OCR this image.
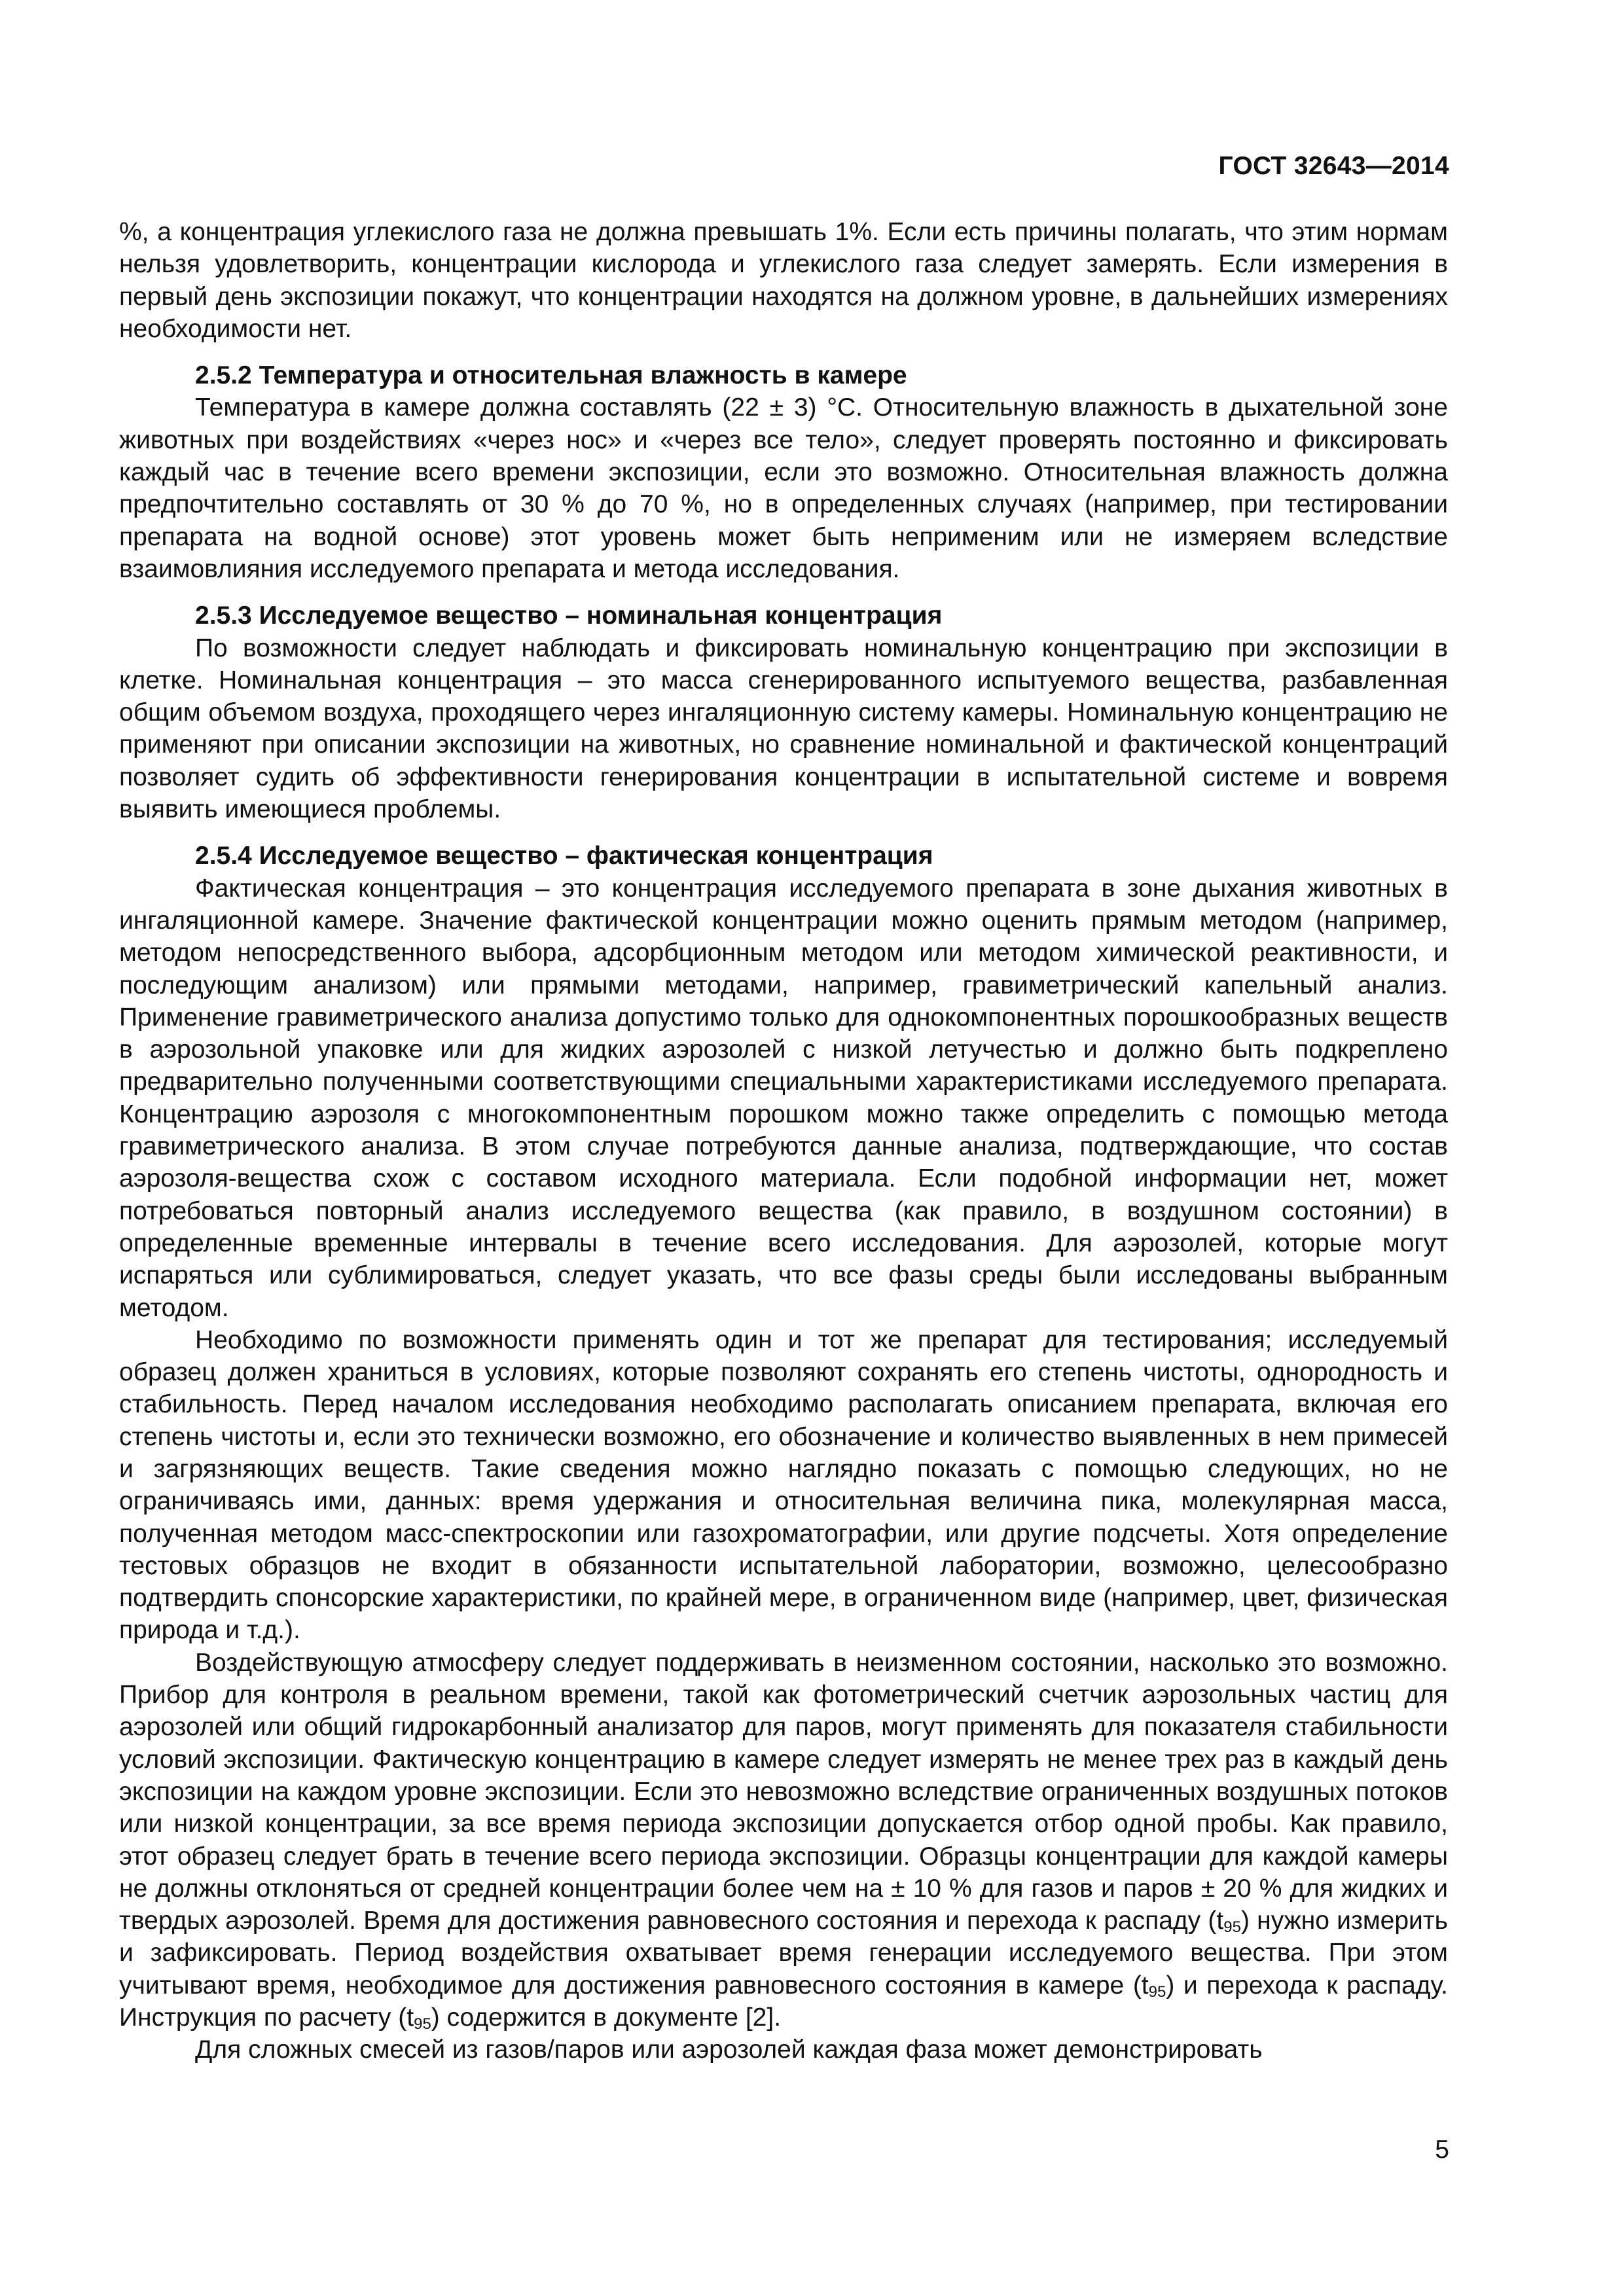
ГОСТ 32643—2014

%, а концентрация углекислого газа не должна превышать 1%. Если есть причины полагать, что этим нормам нельзя удовлетворить, концентрации кислорода и углекислого газа следует замерять. Если измерения в первый день экспозиции покажут, что концентрации находятся на должном уровне, в дальнейших измерениях необходимости нет.

2.5.2 Температура и относительная влажность в камере

Температура в камере должна составлять (22 ± 3) °С. Относительную влажность в дыхательной зоне животных при воздействиях «через нос» и «через все тело», следует проверять постоянно и фиксировать каждый час в течение всего времени экспозиции, если это возможно. Относительная влажность должна предпочтительно составлять от 30 % до 70 %, но в определенных случаях (например, при тестировании препарата на водной основе) этот уровень может быть неприменим или не измеряем вследствие взаимовлияния исследуемого препарата и метода исследования.

2.5.3 Исследуемое вещество – номинальная концентрация

По возможности следует наблюдать и фиксировать номинальную концентрацию при экспозиции в клетке. Номинальная концентрация – это масса сгенерированного испытуемого вещества, разбавленная общим объемом воздуха, проходящего через ингаляционную систему камеры. Номинальную концентрацию не применяют при описании экспозиции на животных, но сравнение номинальной и фактической концентраций позволяет судить об эффективности генерирования концентрации в испытательной системе и вовремя выявить имеющиеся проблемы.

2.5.4 Исследуемое вещество – фактическая концентрация

Фактическая концентрация – это концентрация исследуемого препарата в зоне дыхания животных в ингаляционной камере. Значение фактической концентрации можно оценить прямым методом (например, методом непосредственного выбора, адсорбционным методом или методом химической реактивности, и последующим анализом) или прямыми методами, например, гравиметрический капельный анализ. Применение гравиметрического анализа допустимо только для однокомпонентных порошкообразных веществ в аэрозольной упаковке или для жидких аэрозолей с низкой летучестью и должно быть подкреплено предварительно полученными соответствующими специальными характеристиками исследуемого препарата. Концентрацию аэрозоля с многокомпонентным порошком можно также определить с помощью метода гравиметрического анализа. В этом случае потребуются данные анализа, подтверждающие, что состав аэрозоля-вещества схож с составом исходного материала. Если подобной информации нет, может потребоваться повторный анализ исследуемого вещества (как правило, в воздушном состоянии) в определенные временные интервалы в течение всего исследования. Для аэрозолей, которые могут испаряться или сублимироваться, следует указать, что все фазы среды были исследованы выбранным методом.

Необходимо по возможности применять один и тот же препарат для тестирования; исследуемый образец должен храниться в условиях, которые позволяют сохранять его степень чистоты, однородность и стабильность. Перед началом исследования необходимо располагать описанием препарата, включая его степень чистоты и, если это технически возможно, его обозначение и количество выявленных в нем примесей и загрязняющих веществ. Такие сведения можно наглядно показать с помощью следующих, но не ограничиваясь ими, данных: время удержания и относительная величина пика, молекулярная масса, полученная методом масс-спектроскопии или газохроматографии, или другие подсчеты. Хотя определение тестовых образцов не входит в обязанности испытательной лаборатории, возможно, целесообразно подтвердить спонсорские характеристики, по крайней мере, в ограниченном виде (например, цвет, физическая природа и т.д.).

Воздействующую атмосферу следует поддерживать в неизменном состоянии, насколько это возможно. Прибор для контроля в реальном времени, такой как фотометрический счетчик аэрозольных частиц для аэрозолей или общий гидрокарбонный анализатор для паров, могут применять для показателя стабильности условий экспозиции. Фактическую концентрацию в камере следует измерять не менее трех раз в каждый день экспозиции на каждом уровне экспозиции. Если это невозможно вследствие ограниченных воздушных потоков или низкой концентрации, за все время периода экспозиции допускается отбор одной пробы. Как правило, этот образец следует брать в течение всего периода экспозиции. Образцы концентрации для каждой камеры не должны отклоняться от средней концентрации более чем на ± 10 % для газов и паров ± 20 % для жидких и твердых аэрозолей. Время для достижения равновесного состояния и перехода к распаду $(t_{95})$ нужно измерить и зафиксировать. Период воздействия охватывает время генерации исследуемого вещества. При этом учитывают время, необходимое для достижения равновесного состояния в камере $(t_{95})$ и перехода к распаду. Инструкция по расчету $(t_{95})$ содержится в документе [2].

Для сложных смесей из газов/паров или аэрозолей каждая фаза может демонстрировать

5
